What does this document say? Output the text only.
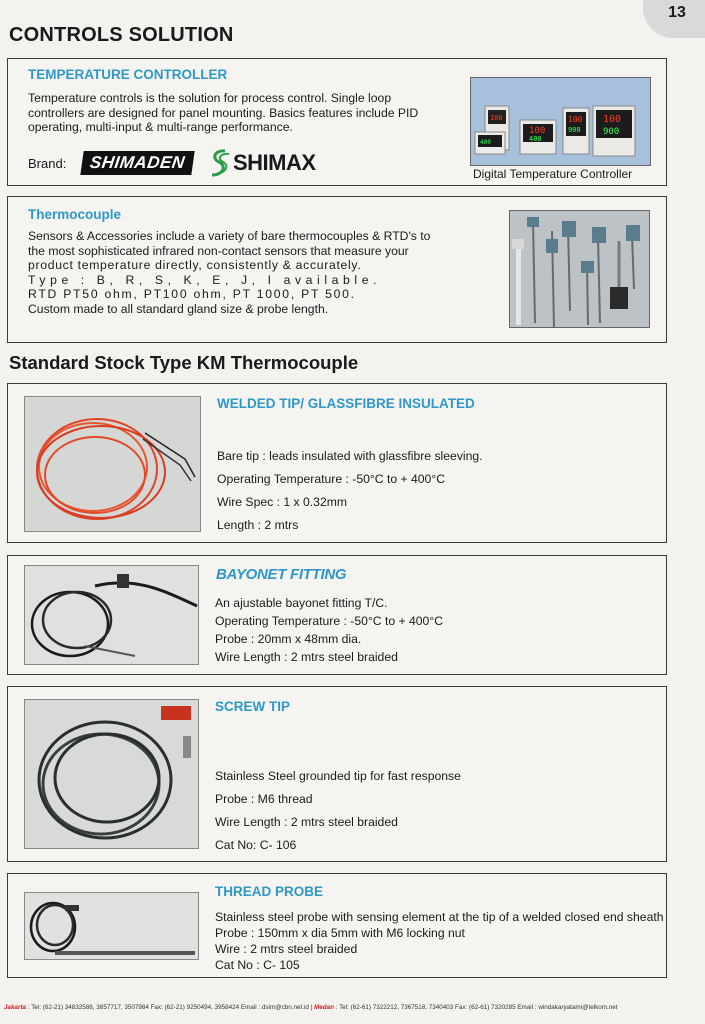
13
CONTROLS SOLUTION
TEMPERATURE CONTROLLER
Temperature controls is the solution for process control. Single loop
controllers are designed for panel mounting. Basics features include PID
operating, multi-input & multi-range performance.
Brand:	SHIMADEN	SHIMAX
100
400
100
400
100
900
100
900
Digital Temperature Controller
Thermocouple
Sensors & Accessories include a variety of bare thermocouples & RTD's to
the most sophisticated infrared non-contact sensors that measure your
product temperature directly, consistently & accurately.
Type : B, R, S, K, E, J, I available.
RTD PT50 ohm, PT100 ohm, PT 1000, PT 500.
Custom made to all standard gland size & probe length.
Standard Stock Type KM Thermocouple
WELDED TIP/ GLASSFIBRE INSULATED
Bare tip : leads insulated with glassfibre sleeving.
Operating Temperature : -50°C to + 400°C
Wire Spec : 1 x 0.32mm
Length : 2 mtrs
BAYONET FITTING
An ajustable bayonet fitting T/C.
Operating Temperature : -50°C to + 400°C
Probe : 20mm x 48mm dia.
Wire Length : 2 mtrs steel braided
SCREW TIP
Stainless Steel grounded tip for fast response
Probe : M6 thread
Wire Length : 2 mtrs steel braided
Cat No: C- 106
THREAD PROBE
Stainless steel probe with sensing element at the tip of a welded closed end sheath
Probe : 150mm x dia 5mm with M6 locking nut
Wire : 2 mtrs steel braided
Cat No : C- 105
Jakarta : Tel: (62-21) 34832588, 3857717, 3507984 Fax: (62-21) 9250494, 3958424 Email : dsim@cbn.net.id | Medan : Tel: (62-61) 7322212, 7367518, 7340403 Fax: (62-61) 7320285 Email : windakaryatami@telkom.net
